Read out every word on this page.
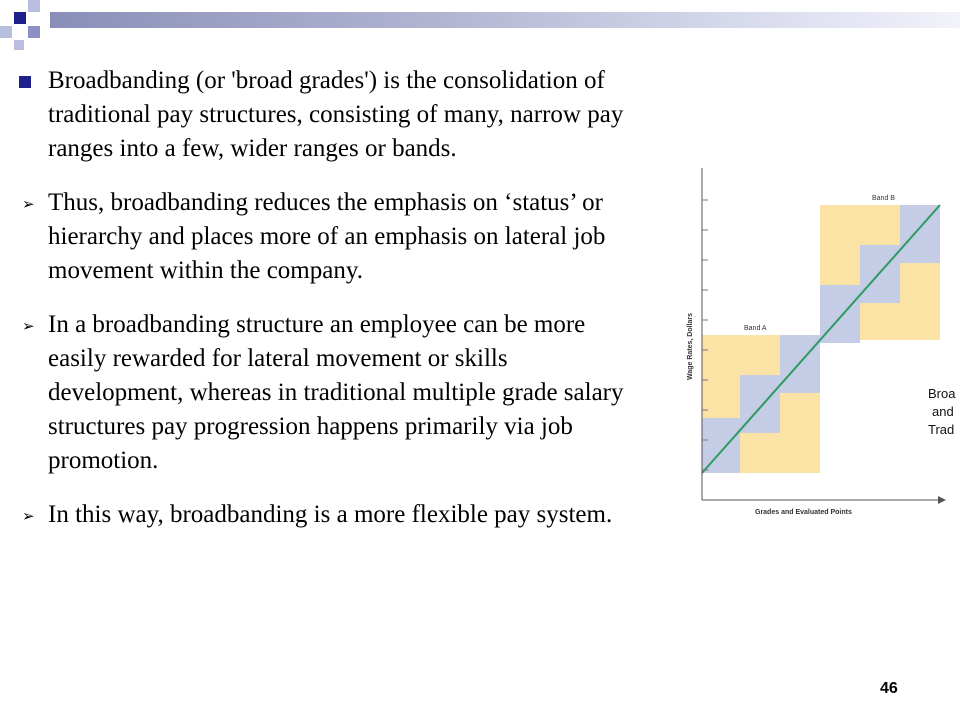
Broadbanding (or 'broad grades') is the consolidation of traditional pay structures, consisting of many, narrow pay ranges into a few, wider ranges or bands.

➢ Thus, broadbanding reduces the emphasis on ‘status’ or hierarchy and places more of an emphasis on lateral job movement within the company.

➢ In a broadbanding structure an employee can be more easily rewarded for lateral movement or skills development, whereas in traditional multiple grade salary structures pay progression happens primarily via job promotion.

➢ In this way, broadbanding is a more flexible pay system.

Band A
Band B
Wage Rates, Dollars
Grades and Evaluated Points
Broa
and
Trad
46
